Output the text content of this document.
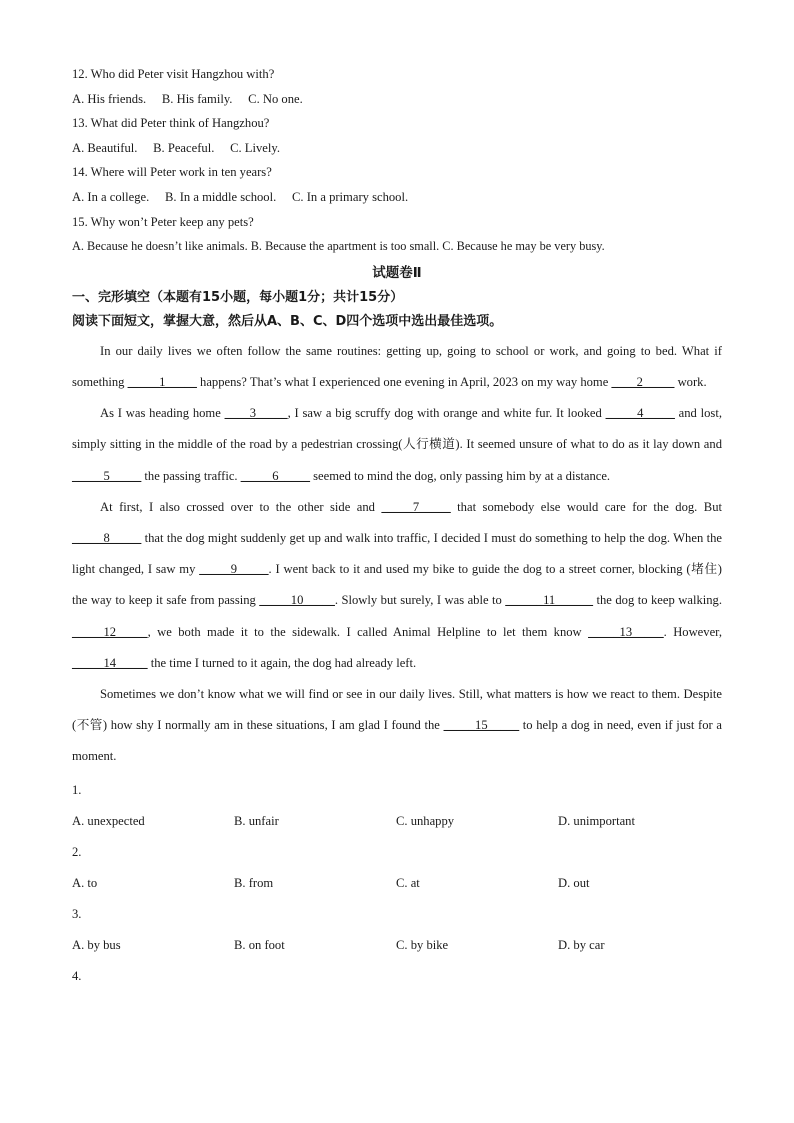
12. Who did Peter visit Hangzhou with?
A. His friends.     B. His family.     C. No one.
13. What did Peter think of Hangzhou?
A. Beautiful.     B. Peaceful.     C. Lively.
14. Where will Peter work in ten years?
A. In a college.     B. In a middle school.     C. In a primary school.
15. Why won’t Peter keep any pets?
A. Because he doesn’t like animals. B. Because the apartment is too small. C. Because he may be very busy.
试题卷Ⅱ
一、完形填空（本题有15小题，每小题1分；共计15分）
阅读下面短文，掌握大意，然后从A、B、C、D四个选项中选出最佳选项。

In our daily lives we often follow the same routines: getting up, going to school or work, and going to bed. What if something _____1_____ happens? That’s what I experienced one evening in April, 2023 on my way home ____2_____ work.

As I was heading home ____3_____, I saw a big scruffy dog with orange and white fur. It looked _____4_____ and lost, simply sitting in the middle of the road by a pedestrian crossing(人行横道). It seemed unsure of what to do as it lay down and _____5_____ the passing traffic. _____6_____ seemed to mind the dog, only passing him by at a distance.

At first, I also crossed over to the other side and _____7_____ that somebody else would care for the dog. But _____8_____ that the dog might suddenly get up and walk into traffic, I decided I must do something to help the dog. When the light changed, I saw my _____9_____. I went back to it and used my bike to guide the dog to a street corner, blocking (堵住) the way to keep it safe from passing _____10_____. Slowly but surely, I was able to ______11______ the dog to keep walking. _____12_____, we both made it to the sidewalk. I called Animal Helpline to let them know _____13_____. However, _____14_____ the time I turned to it again, the dog had already left.

Sometimes we don’t know what we will find or see in our daily lives. Still, what matters is how we react to them. Despite (不管) how shy I normally am in these situations, I am glad I found the _____15_____ to help a dog in need, even if just for a moment.

1.
A. unexpected	B. unfair	C. unhappy	D. unimportant
2.
A. to	B. from	C. at	D. out
3.
A. by bus	B. on foot	C. by bike	D. by car
4.
